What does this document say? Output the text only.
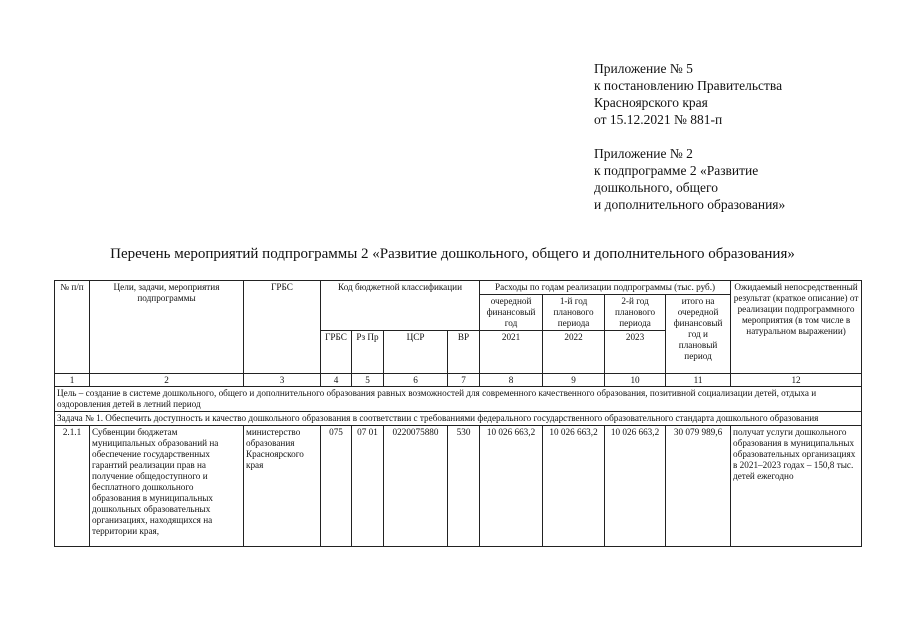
Приложение № 5
к постановлению Правительства
Красноярского края
от 15.12.2021 № 881-п
Приложение № 2
к подпрограмме 2 «Развитие
дошкольного, общего
и дополнительного образования»
Перечень мероприятий подпрограммы 2 «Развитие дошкольного, общего и дополнительного образования»
№ п/п	Цели, задачи, мероприятия подпрограммы	ГРБС	Код бюджетной классификации				Расходы по годам реализации подпрограммы (тыс. руб.)				Ожидаемый непосредственный результат (краткое описание) от реализации подпрограммного мероприятия (в том числе в натуральном выражении)
							очередной финансовый год	1-й год планового периода	2-й год планового периода	итого на очередной финансовый год и плановый период	
			ГРБС	Рз Пр	ЦСР	ВР	2021	2022	2023		
1	2	3	4	5	6	7	8	9	10	11	12
Цель – создание в системе дошкольного, общего и дополнительного образования равных возможностей для современного качественного образования, позитивной социализации детей, отдыха и оздоровления детей в летний период											
Задача № 1. Обеспечить доступность и качество дошкольного образования в соответствии с требованиями федерального государственного образовательного стандарта дошкольного образования											
2.1.1	Субвенции бюджетам муниципальных образований на обеспечение государственных гарантий реализации прав на получение общедоступного и бесплатного дошкольного образования в муниципальных дошкольных образовательных организациях, находящихся на территории края,	министерство образования Красноярского края	075	07 01	0220075880	530	10 026 663,2	10 026 663,2	10 026 663,2	30 079 989,6	получат услуги дошкольного образования в муниципальных образовательных организациях в 2021–2023 годах – 150,8 тыс. детей ежегодно
